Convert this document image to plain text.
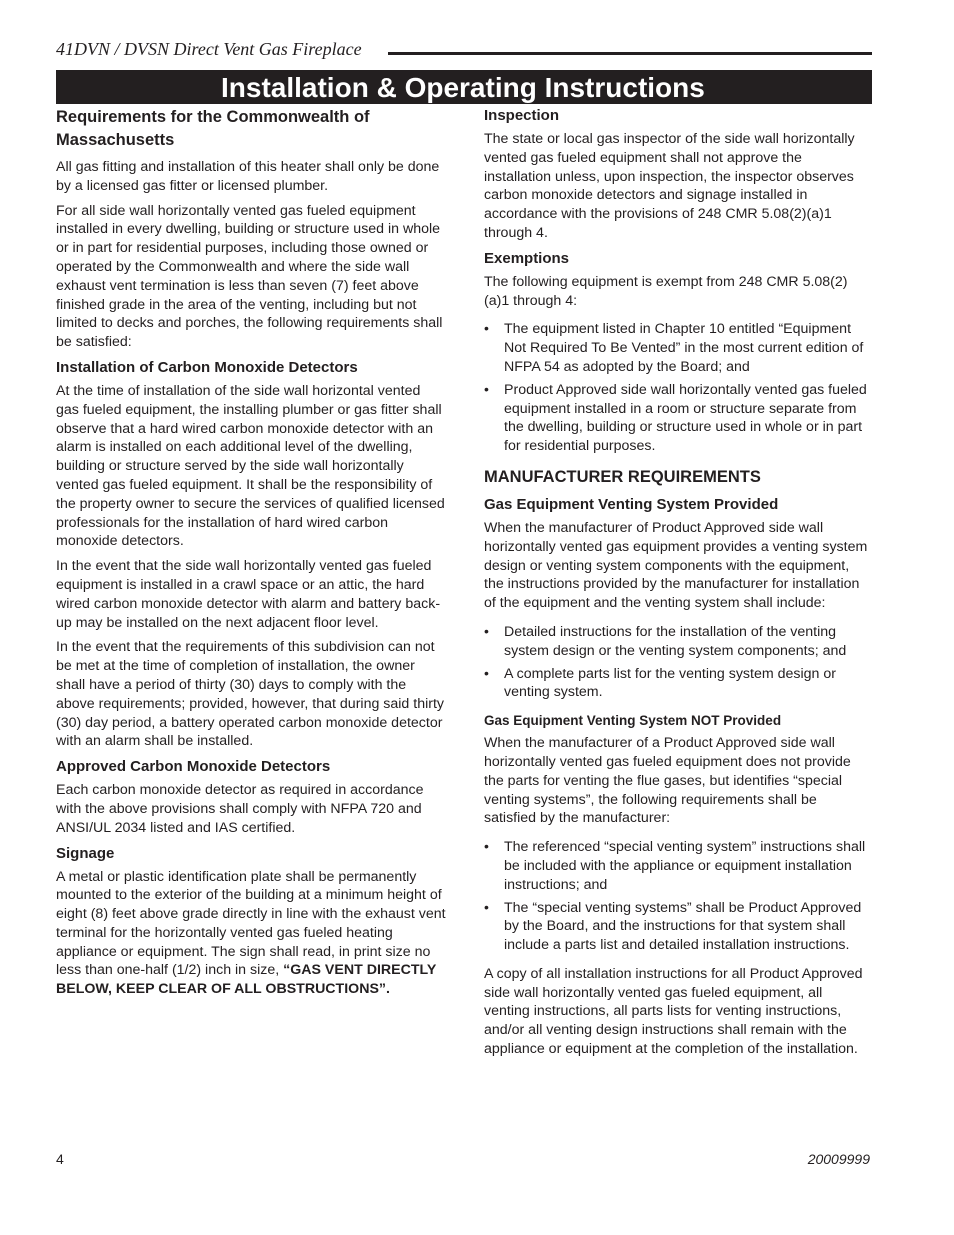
41DVN / DVSN Direct Vent Gas Fireplace
Installation & Operating Instructions
Requirements for the Commonwealth of Massachusetts

All gas fitting and installation of this heater shall only be done by a licensed gas fitter or licensed plumber.

For all side wall horizontally vented gas fueled equipment installed in every dwelling, building or structure used in whole or in part for residential purposes, including those owned or operated by the Commonwealth and where the side wall exhaust vent termination is less than seven (7) feet above finished grade in the area of the venting, including but not limited to decks and porches, the following requirements shall be satisfied:

Installation of Carbon Monoxide Detectors

At the time of installation of the side wall horizontal vented gas fueled equipment, the installing plumber or gas fitter shall observe that a hard wired carbon monoxide detector with an alarm is installed on each additional level of the dwelling, building or structure served by the side wall horizontally vented gas fueled equipment. It shall be the responsibility of the property owner to secure the services of qualified licensed professionals for the installation of hard wired carbon monoxide detectors.

In the event that the side wall horizontally vented gas fueled equipment is installed in a crawl space or an attic, the hard wired carbon monoxide detector with alarm and battery back-up may be installed on the next adjacent floor level.

In the event that the requirements of this subdivision can not be met at the time of completion of installation, the owner shall have a period of thirty (30) days to comply with the above requirements; provided, however, that during said thirty (30) day period, a battery operated carbon monoxide detector with an alarm shall be installed.

Approved Carbon Monoxide Detectors

Each carbon monoxide detector as required in accordance with the above provisions shall comply with NFPA 720 and ANSI/UL 2034 listed and IAS certified.

Signage

A metal or plastic identification plate shall be permanently mounted to the exterior of the building at a minimum height of eight (8) feet above grade directly in line with the exhaust vent terminal for the horizontally vented gas fueled heating appliance or equipment. The sign shall read, in print size no less than one-half (1/2) inch in size, “GAS VENT DIRECTLY BELOW, KEEP CLEAR OF ALL OBSTRUCTIONS”.

Inspection

The state or local gas inspector of the side wall horizontally vented gas fueled equipment shall not approve the installation unless, upon inspection, the inspector observes carbon monoxide detectors and signage installed in accordance with the provisions of 248 CMR 5.08(2)(a)1 through 4.

Exemptions

The following equipment is exempt from 248 CMR 5.08(2)(a)1 through 4:

• The equipment listed in Chapter 10 entitled “Equipment Not Required To Be Vented” in the most current edition of NFPA 54 as adopted by the Board; and
• Product Approved side wall horizontally vented gas fueled equipment installed in a room or structure separate from the dwelling, building or structure used in whole or in part for residential purposes.
MANUFACTURER REQUIREMENTS
Gas Equipment Venting System Provided

When the manufacturer of Product Approved side wall horizontally vented gas equipment provides a venting system design or venting system components with the equipment, the instructions provided by the manufacturer for installation of the equipment and the venting system shall include:

• Detailed instructions for the installation of the venting system design or the venting system components; and
• A complete parts list for the venting system design or venting system.
Gas Equipment Venting System NOT Provided

When the manufacturer of a Product Approved side wall horizontally vented gas fueled equipment does not provide the parts for venting the flue gases, but identifies “special venting systems”, the following requirements shall be satisfied by the manufacturer:

• The referenced “special venting system” instructions shall be included with the appliance or equipment installation instructions; and
• The “special venting systems” shall be Product Approved by the Board, and the instructions for that system shall include a parts list and detailed installation instructions.

A copy of all installation instructions for all Product Approved side wall horizontally vented gas fueled equipment, all venting instructions, all parts lists for venting instructions, and/or all venting design instructions shall remain with the appliance or equipment at the completion of the installation.

4	20009999
